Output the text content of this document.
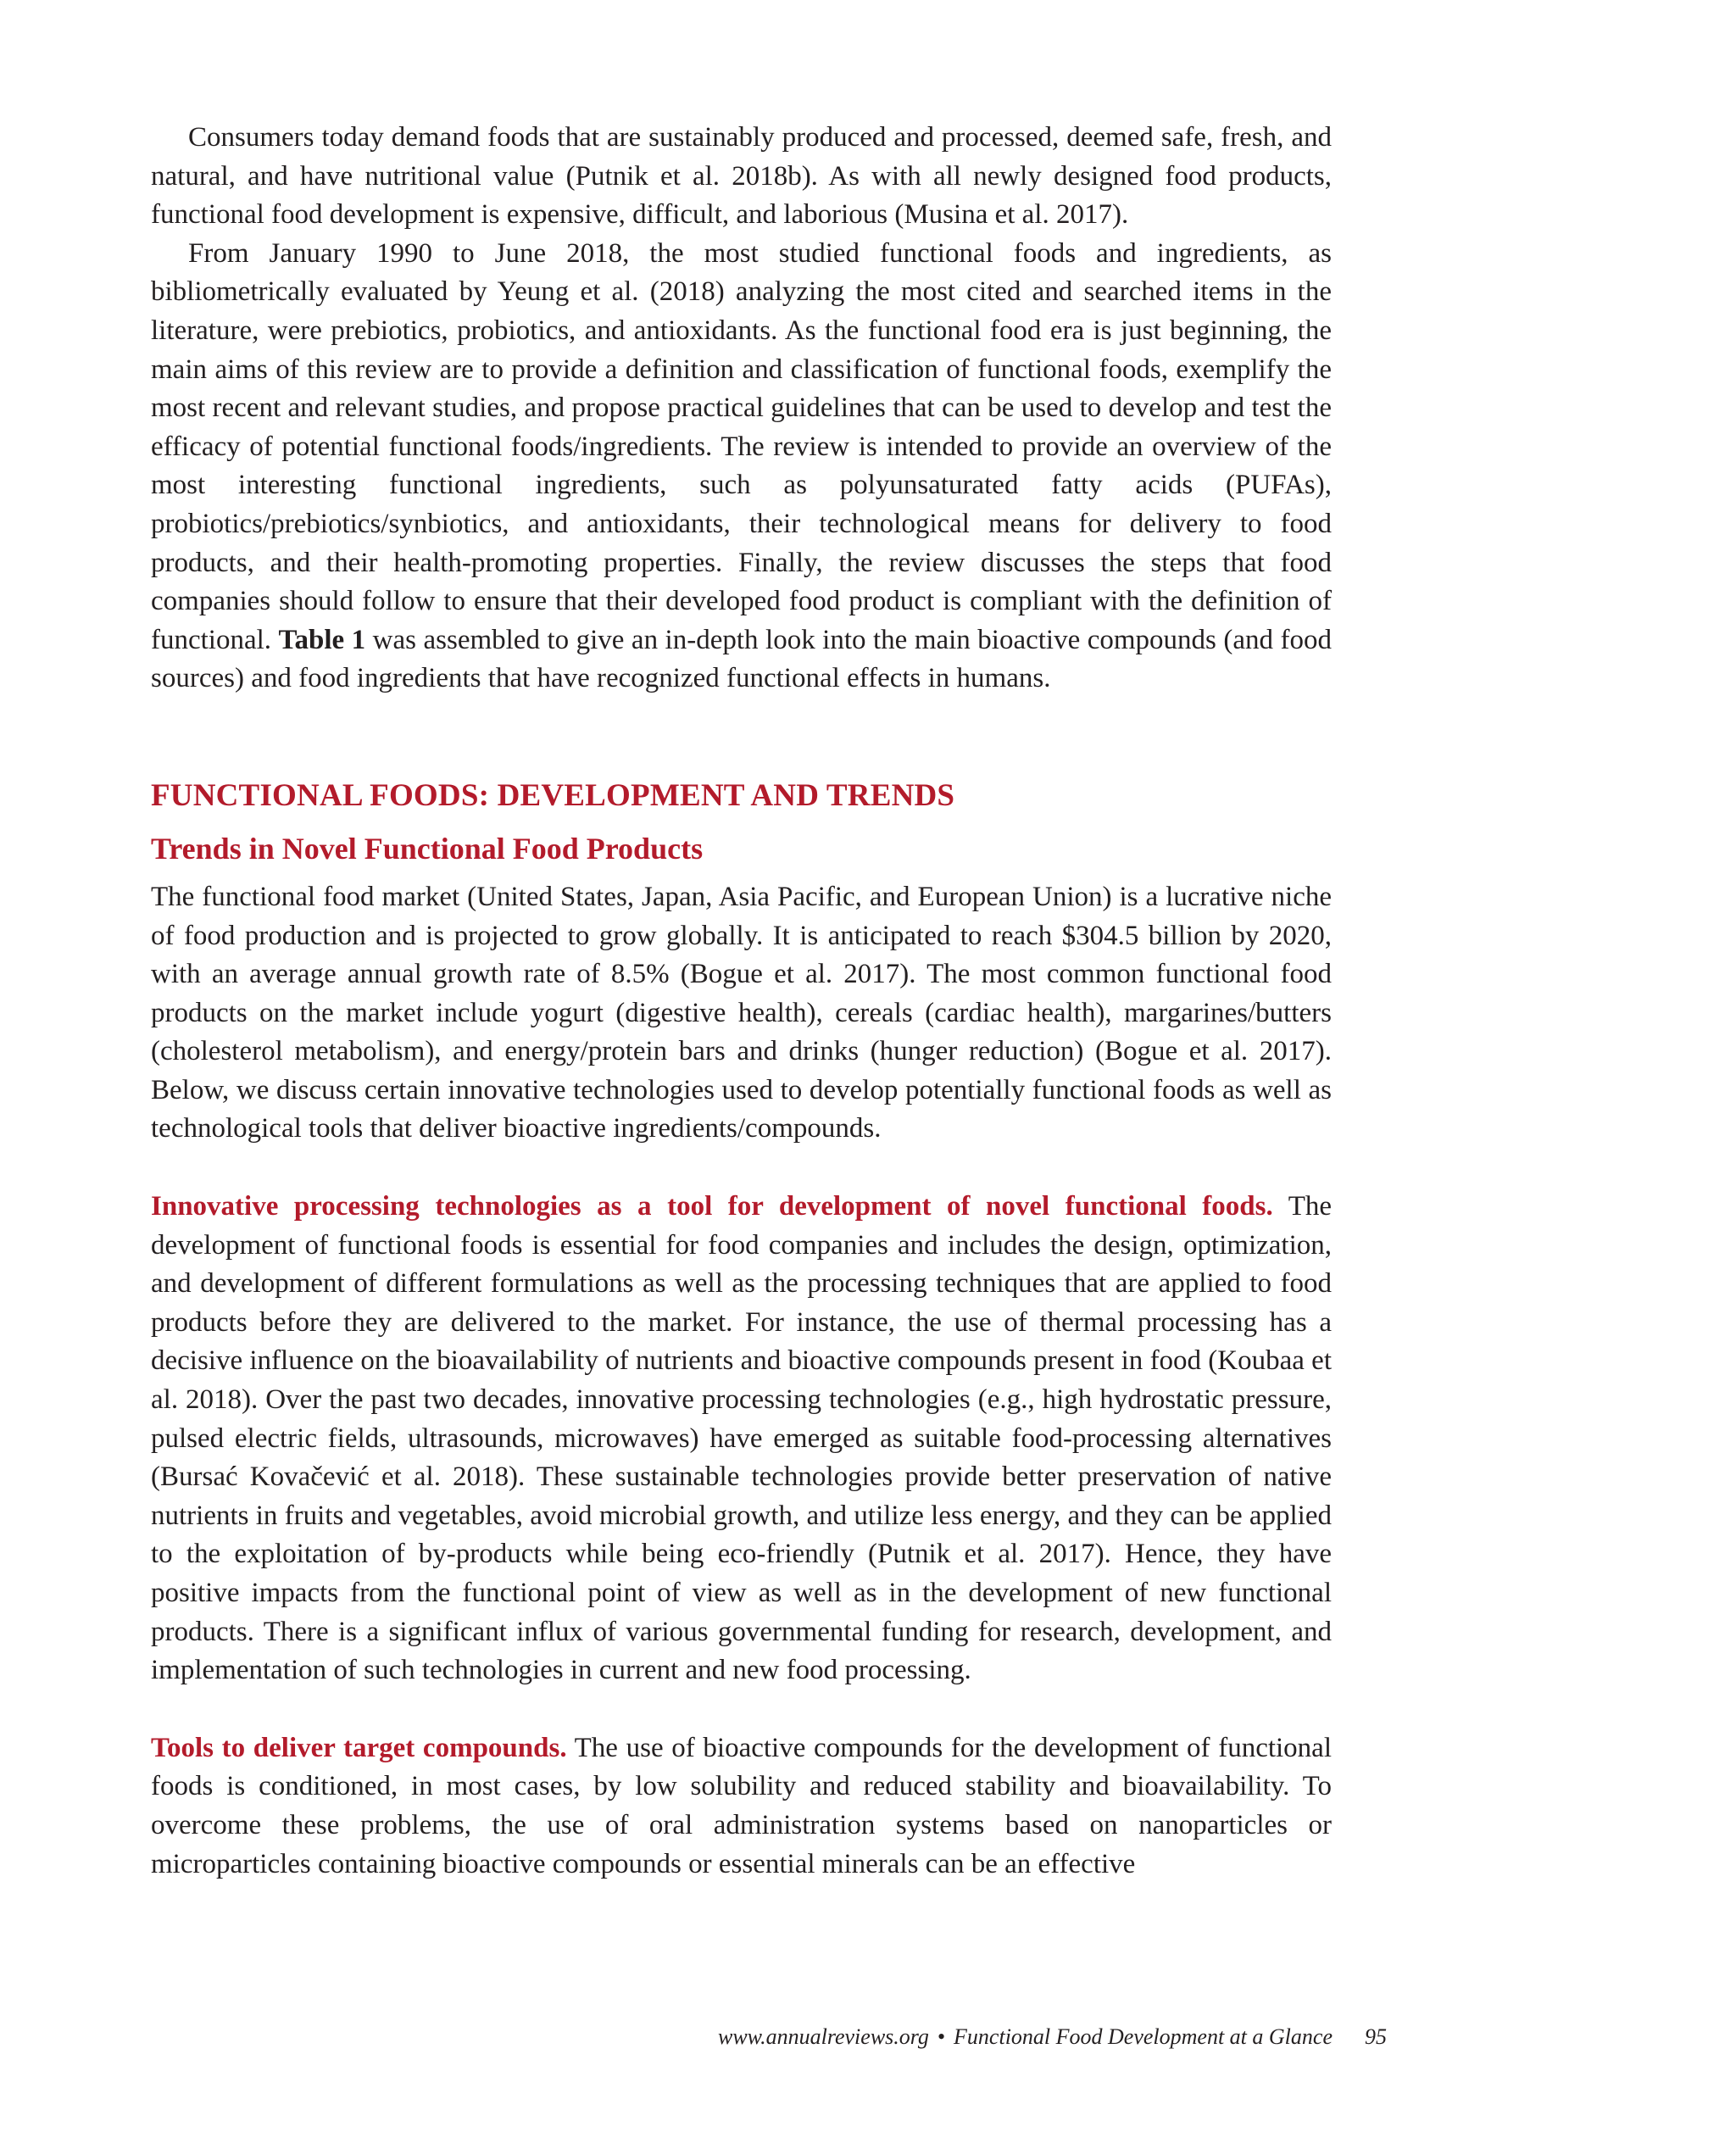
Consumers today demand foods that are sustainably produced and processed, deemed safe, fresh, and natural, and have nutritional value (Putnik et al. 2018b). As with all newly designed food products, functional food development is expensive, difficult, and laborious (Musina et al. 2017).

From January 1990 to June 2018, the most studied functional foods and ingredients, as bibliometrically evaluated by Yeung et al. (2018) analyzing the most cited and searched items in the literature, were prebiotics, probiotics, and antioxidants. As the functional food era is just beginning, the main aims of this review are to provide a definition and classification of functional foods, exemplify the most recent and relevant studies, and propose practical guidelines that can be used to develop and test the efficacy of potential functional foods/ingredients. The review is intended to provide an overview of the most interesting functional ingredients, such as polyunsaturated fatty acids (PUFAs), probiotics/prebiotics/synbiotics, and antioxidants, their technological means for delivery to food products, and their health-promoting properties. Finally, the review discusses the steps that food companies should follow to ensure that their developed food product is compliant with the definition of functional. Table 1 was assembled to give an in-depth look into the main bioactive compounds (and food sources) and food ingredients that have recognized functional effects in humans.

FUNCTIONAL FOODS: DEVELOPMENT AND TRENDS
Trends in Novel Functional Food Products

The functional food market (United States, Japan, Asia Pacific, and European Union) is a lucrative niche of food production and is projected to grow globally. It is anticipated to reach $304.5 billion by 2020, with an average annual growth rate of 8.5% (Bogue et al. 2017). The most common functional food products on the market include yogurt (digestive health), cereals (cardiac health), margarines/butters (cholesterol metabolism), and energy/protein bars and drinks (hunger reduction) (Bogue et al. 2017). Below, we discuss certain innovative technologies used to develop potentially functional foods as well as technological tools that deliver bioactive ingredients/compounds.

Innovative processing technologies as a tool for development of novel functional foods. The development of functional foods is essential for food companies and includes the design, optimization, and development of different formulations as well as the processing techniques that are applied to food products before they are delivered to the market. For instance, the use of thermal processing has a decisive influence on the bioavailability of nutrients and bioactive compounds present in food (Koubaa et al. 2018). Over the past two decades, innovative processing technologies (e.g., high hydrostatic pressure, pulsed electric fields, ultrasounds, microwaves) have emerged as suitable food-processing alternatives (Bursać Kovačević et al. 2018). These sustainable technologies provide better preservation of native nutrients in fruits and vegetables, avoid microbial growth, and utilize less energy, and they can be applied to the exploitation of by-products while being eco-friendly (Putnik et al. 2017). Hence, they have positive impacts from the functional point of view as well as in the development of new functional products. There is a significant influx of various governmental funding for research, development, and implementation of such technologies in current and new food processing.

Tools to deliver target compounds. The use of bioactive compounds for the development of functional foods is conditioned, in most cases, by low solubility and reduced stability and bioavailability. To overcome these problems, the use of oral administration systems based on nanoparticles or microparticles containing bioactive compounds or essential minerals can be an effective

www.annualreviews.org • Functional Food Development at a Glance 95
